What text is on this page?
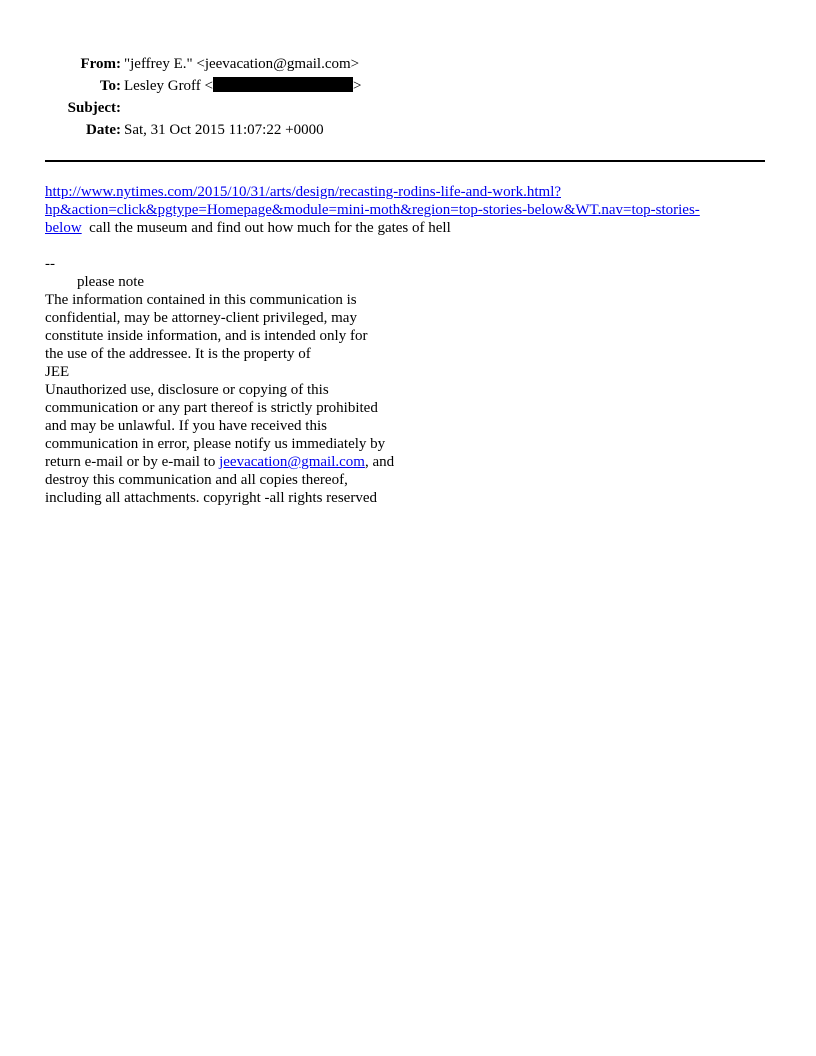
From: "jeffrey E." <jeevacation@gmail.com>
To: Lesley Groff <	>
Subject:
Date: Sat, 31 Oct 2015 11:07:22 +0000
http://www.nytimes.com/2015/10/31/arts/design/recasting-rodins-life-and-work.html?
hp&action=click&pgtype=Homepage&module=mini-moth&region=top-stories-below&WT.nav=top-stories-
below call the museum and find out how much for the gates of hell
--
please note
The information contained in this communication is
confidential, may be attorney-client privileged, may
constitute inside information, and is intended only for
the use of the addressee. It is the property of
JEE
Unauthorized use, disclosure or copying of this
communication or any part thereof is strictly prohibited
and may be unlawful. If you have received this
communication in error, please notify us immediately by
return e-mail or by e-mail to jeevacation@gmail.com, and
destroy this communication and all copies thereof,
including all attachments. copyright -all rights reserved
